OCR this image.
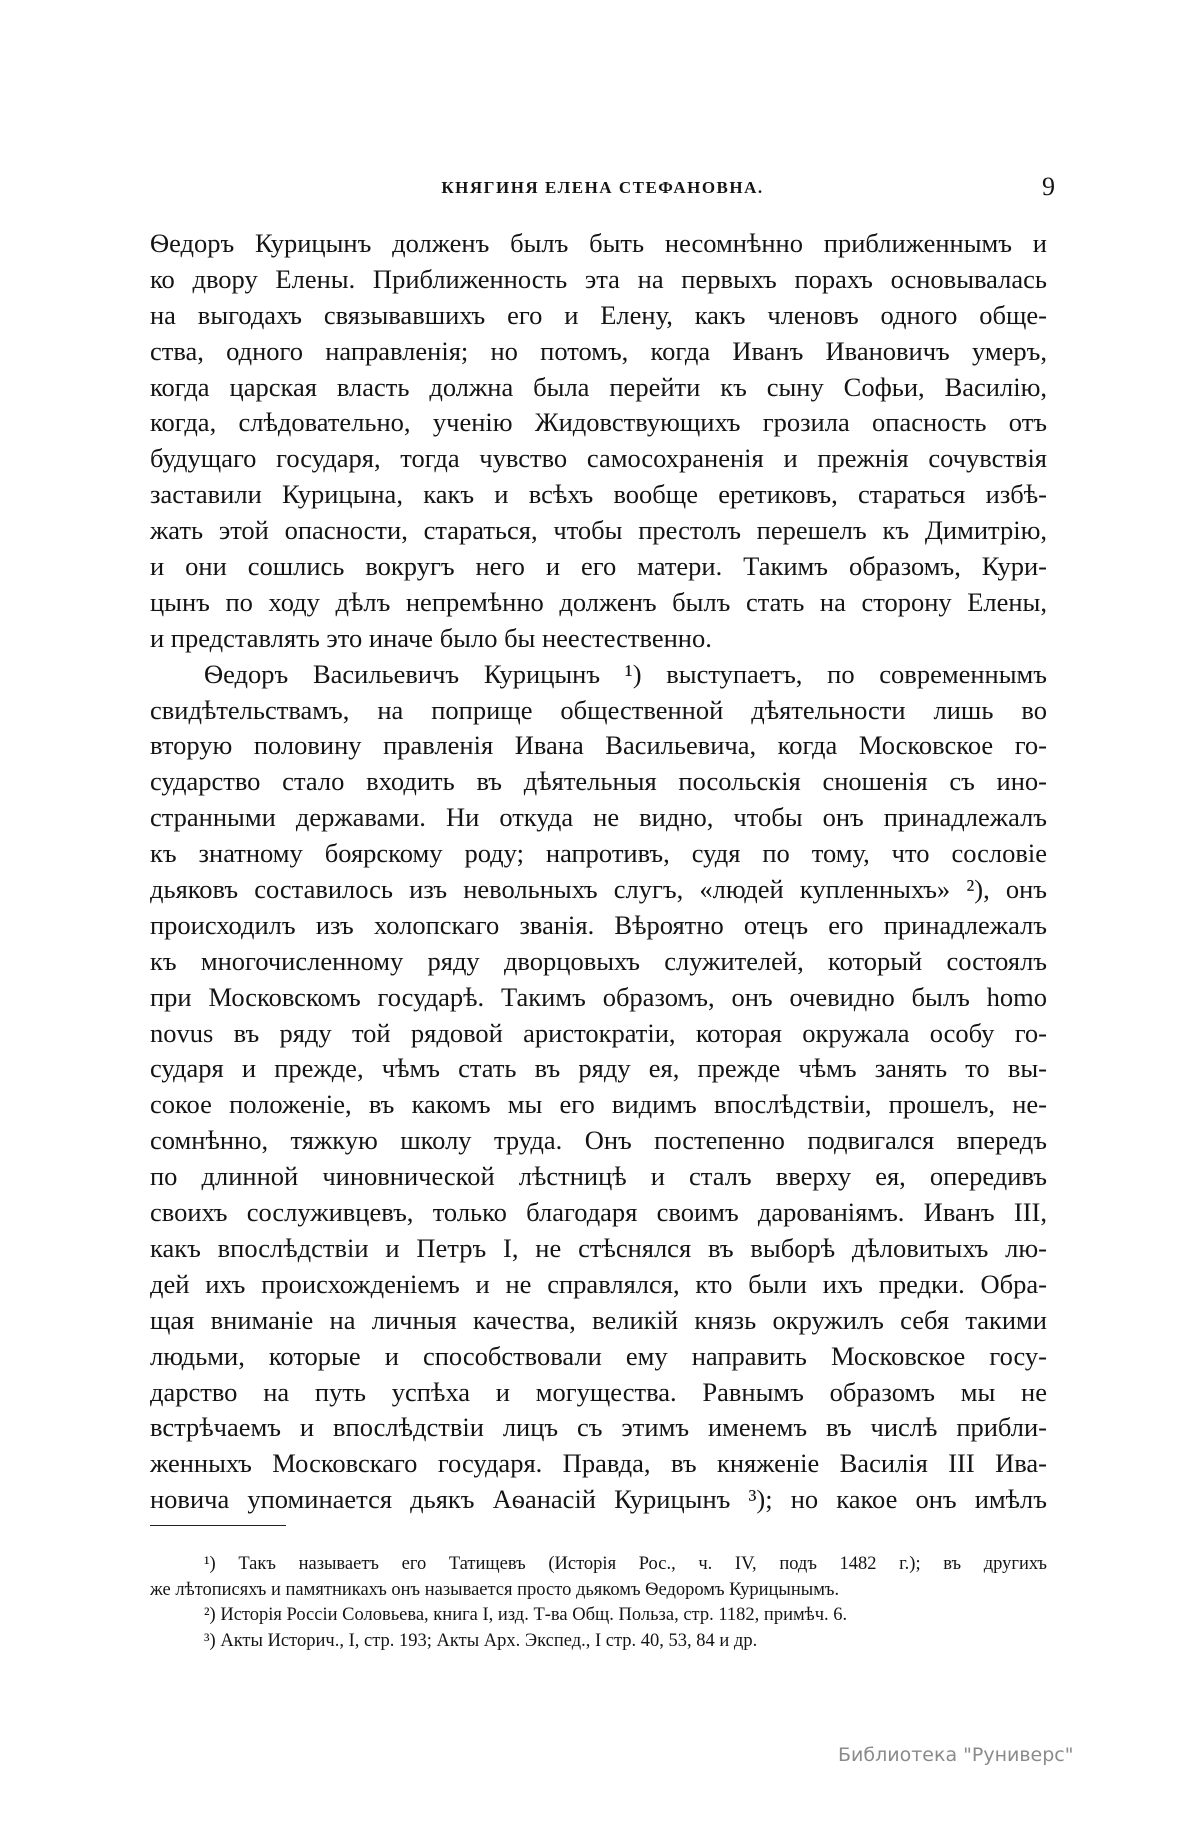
КНЯГИНЯ ЕЛЕНА СТЕФАНОВНА.	9
Ѳедоръ Курицынъ долженъ былъ быть несомнѣнно приближеннымъ и
ко двору Елены. Приближенность эта на первыхъ порахъ основывалась
на выгодахъ связывавшихъ его и Елену, какъ членовъ одного обще-
ства, одного направленія; но потомъ, когда Иванъ Ивановичъ умеръ,
когда царская власть должна была перейти къ сыну Софьи, Василію,
когда, слѣдовательно, ученію Жидовствующихъ грозила опасность отъ
будущаго государя, тогда чувство самосохраненія и прежнія сочувствія
заставили Курицына, какъ и всѣхъ вообще еретиковъ, стараться избѣ-
жать этой опасности, стараться, чтобы престолъ перешелъ къ Димитрію,
и они сошлись вокругъ него и его матери. Такимъ образомъ, Кури-
цынъ по ходу дѣлъ непремѣнно долженъ былъ стать на сторону Елены,
и представлять это иначе было бы неестественно.
Ѳедоръ Васильевичъ Курицынъ ¹) выступаетъ, по современнымъ
свидѣтельствамъ, на поприще общественной дѣятельности лишь во
вторую половину правленія Ивана Васильевича, когда Московское го-
сударство стало входить въ дѣятельныя посольскія сношенія съ ино-
странными державами. Ни откуда не видно, чтобы онъ принадлежалъ
къ знатному боярскому роду; напротивъ, судя по тому, что сословіе
дьяковъ составилось изъ невольныхъ слугъ, «людей купленныхъ» ²), онъ
происходилъ изъ холопскаго званія. Вѣроятно отецъ его принадлежалъ
къ многочисленному ряду дворцовыхъ служителей, который состоялъ
при Московскомъ государѣ. Такимъ образомъ, онъ очевидно былъ homo
novus въ ряду той рядовой аристократіи, которая окружала особу го-
сударя и прежде, чѣмъ стать въ ряду ея, прежде чѣмъ занять то вы-
сокое положеніе, въ какомъ мы его видимъ впослѣдствіи, прошелъ, не-
сомнѣнно, тяжкую школу труда. Онъ постепенно подвигался впередъ
по длинной чиновнической лѣстницѣ и сталъ вверху ея, опередивъ
своихъ сослуживцевъ, только благодаря своимъ дарованіямъ. Иванъ III,
какъ впослѣдствіи и Петръ I, не стѣснялся въ выборѣ дѣловитыхъ лю-
дей ихъ происхожденіемъ и не справлялся, кто были ихъ предки. Обра-
щая вниманіе на личныя качества, великій князь окружилъ себя такими
людьми, которые и способствовали ему направить Московское госу-
дарство на путь успѣха и могущества. Равнымъ образомъ мы не
встрѣчаемъ и впослѣдствіи лицъ съ этимъ именемъ въ числѣ прибли-
женныхъ Московскаго государя. Правда, въ княженіе Василія III Ива-
новича упоминается дьякъ Аѳанасій Курицынъ ³); но какое онъ имѣлъ
¹) Такъ называетъ его Татищевъ (Исторія Рос., ч. IV, подъ 1482 г.); въ другихъ
же лѣтописяхъ и памятникахъ онъ называется просто дьякомъ Ѳедоромъ Курицынымъ.
²) Исторія Россіи Соловьева, книга I, изд. Т-ва Общ. Польза, стр. 1182, примѣч. 6.
³) Акты Историч., I, стр. 193; Акты Арх. Экспед., I стр. 40, 53, 84 и др.
Библиотека "Руниверс"
